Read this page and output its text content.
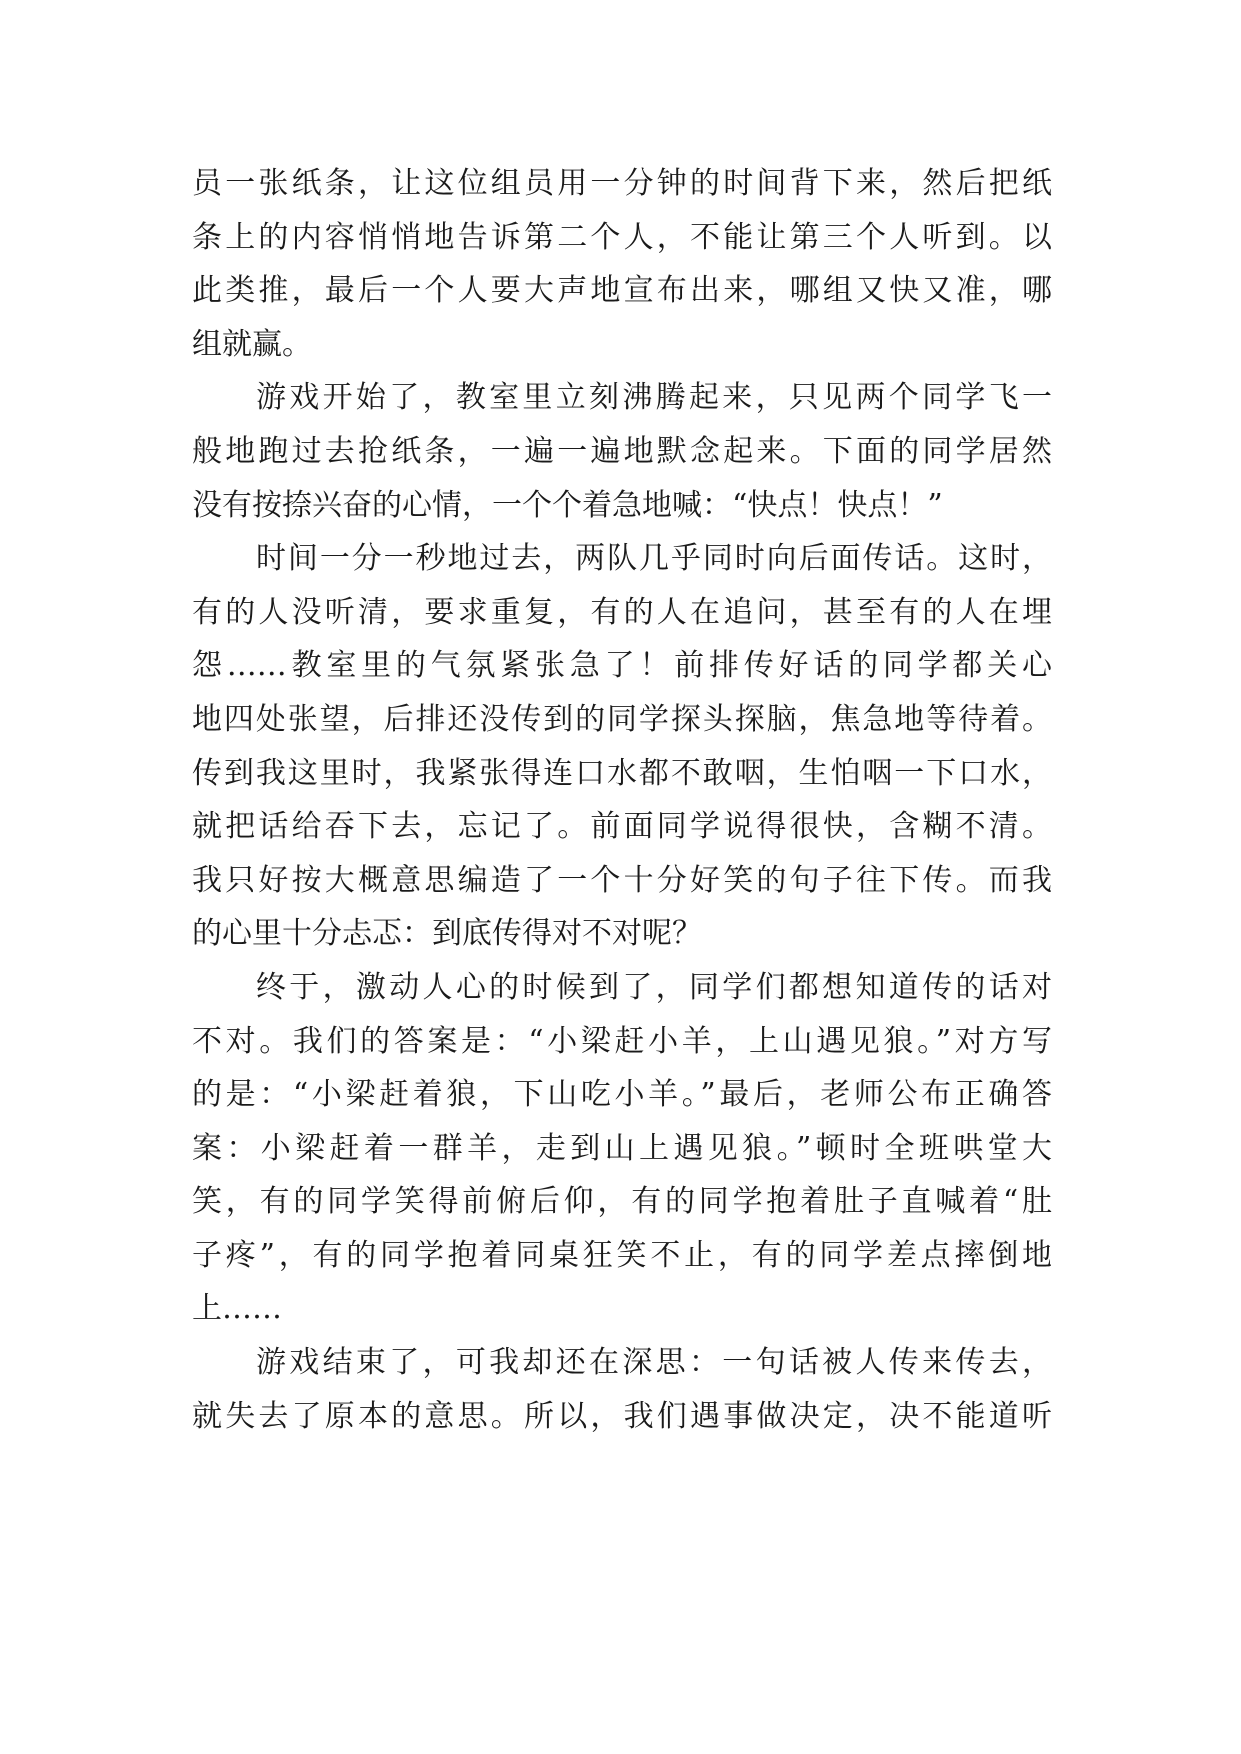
员一张纸条，让这位组员用一分钟的时间背下来，然后把纸
条上的内容悄悄地告诉第二个人，不能让第三个人听到。以
此类推，最后一个人要大声地宣布出来，哪组又快又准，哪
组就赢。
游戏开始了，教室里立刻沸腾起来，只见两个同学飞一
般地跑过去抢纸条，一遍一遍地默念起来。下面的同学居然
没有按捺兴奋的心情，一个个着急地喊：“快点！快点！”
时间一分一秒地过去，两队几乎同时向后面传话。这时，
有的人没听清，要求重复，有的人在追问，甚至有的人在埋
怨……教室里的气氛紧张急了！前排传好话的同学都关心
地四处张望，后排还没传到的同学探头探脑，焦急地等待着。
传到我这里时，我紧张得连口水都不敢咽，生怕咽一下口水，
就把话给吞下去，忘记了。前面同学说得很快，含糊不清。
我只好按大概意思编造了一个十分好笑的句子往下传。而我
的心里十分忐忑：到底传得对不对呢？
终于，激动人心的时候到了，同学们都想知道传的话对
不对。我们的答案是：“小梁赶小羊，上山遇见狼。”对方写
的是：“小梁赶着狼，下山吃小羊。”最后，老师公布正确答
案：小梁赶着一群羊，走到山上遇见狼。”顿时全班哄堂大
笑，有的同学笑得前俯后仰，有的同学抱着肚子直喊着“肚
子疼”，有的同学抱着同桌狂笑不止，有的同学差点摔倒地
上……
游戏结束了，可我却还在深思：一句话被人传来传去，
就失去了原本的意思。所以，我们遇事做决定，决不能道听
